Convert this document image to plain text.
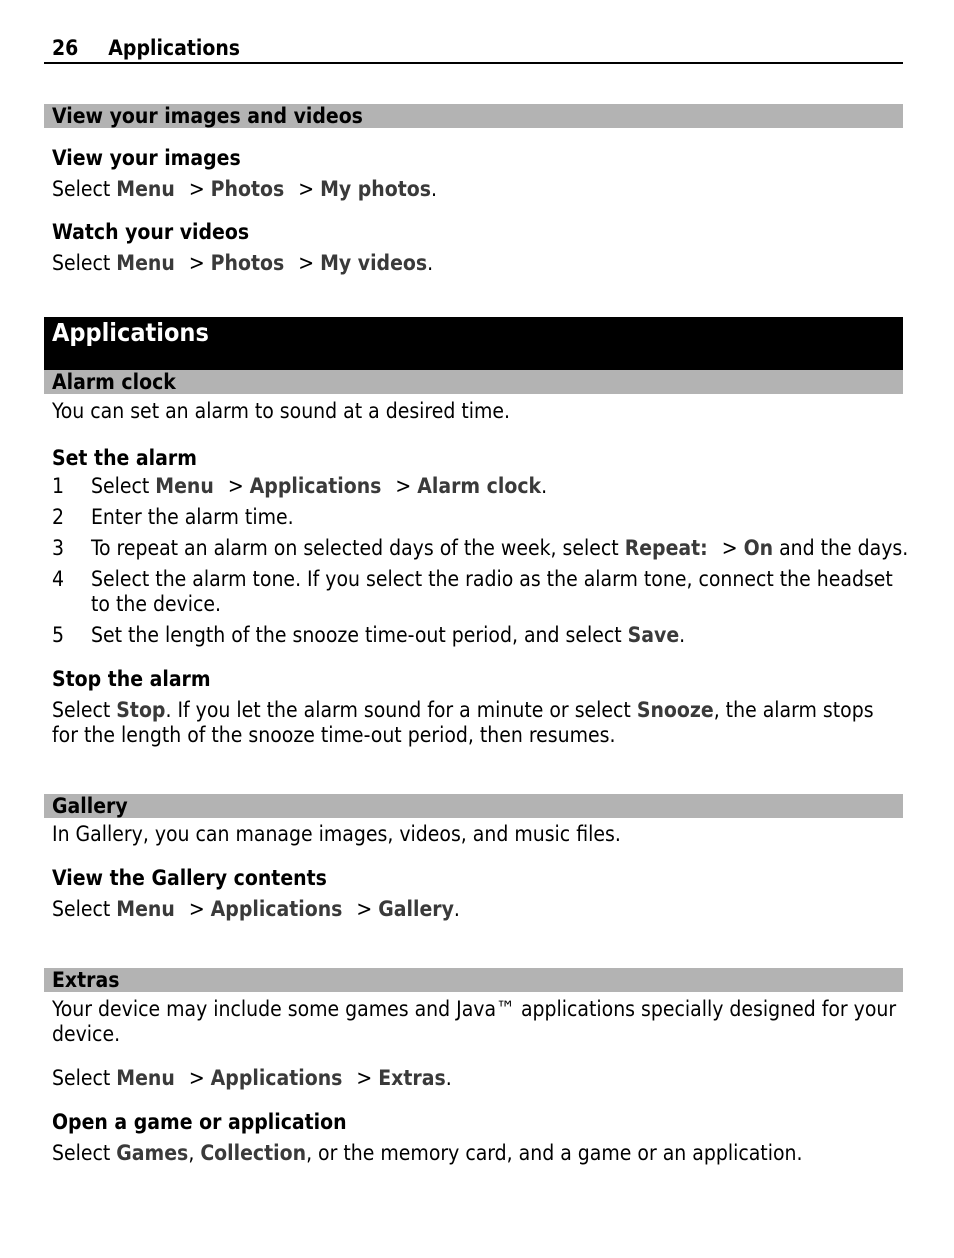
26 Applications
View your images and videos
View your images
Select Menu > Photos > My photos.
Watch your videos
Select Menu > Photos > My videos.
Applications
Alarm clock
You can set an alarm to sound at a desired time.
Set the alarm
1 Select Menu > Applications > Alarm clock.
2 Enter the alarm time.
3 To repeat an alarm on selected days of the week, select Repeat: > On and the days.
4 Select the alarm tone. If you select the radio as the alarm tone, connect the headset to the device.
5 Set the length of the snooze time-out period, and select Save.
Stop the alarm
Select Stop. If you let the alarm sound for a minute or select Snooze, the alarm stops for the length of the snooze time-out period, then resumes.
Gallery
In Gallery, you can manage images, videos, and music files.
View the Gallery contents
Select Menu > Applications > Gallery.
Extras
Your device may include some games and Java™ applications specially designed for your device.
Select Menu > Applications > Extras.
Open a game or application
Select Games, Collection, or the memory card, and a game or an application.
